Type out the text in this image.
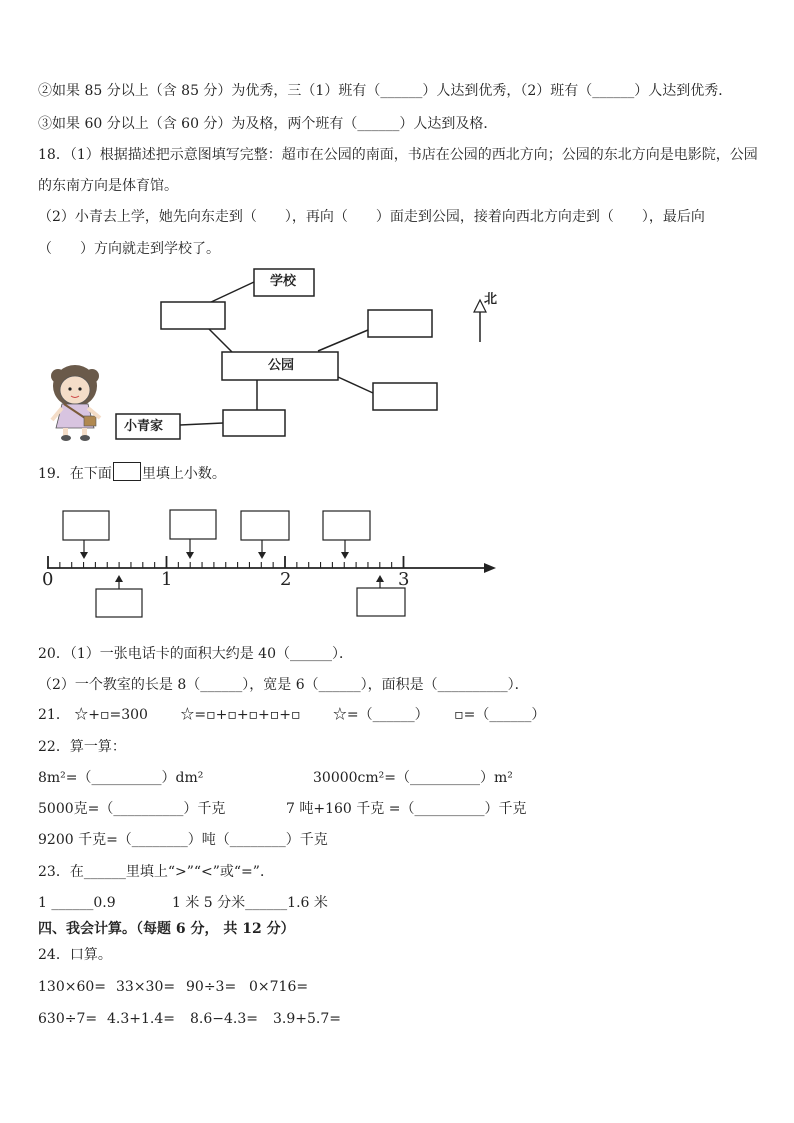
②如果 85 分以上（含 85 分）为优秀，三（1）班有（______）人达到优秀，（2）班有（______）人达到优秀．
③如果 60 分以上（含 60 分）为及格，两个班有（______）人达到及格．
18．（1）根据描述把示意图填写完整：超市在公园的南面，书店在公园的西北方向；公园的东北方向是电影院，公园
的东南方向是体育馆。
（2）小青去上学，她先向东走到（　　），再向（　　）面走到公园，接着向西北方向走到（　　），最后向
（　　）方向就走到学校了。
学校
公园
小青家
北
0	1	2	3
19．在下面 里填上小数。
20．（1）一张电话卡的面积大约是 40（______）．
（2）一个教室的长是 8（______），宽是 6（______），面积是（__________）．
21． ☆+▫=300　　 ☆=▫+▫+▫+▫+▫　　 ☆=（______）　　 ▫=（______）
22．算一算：
8m²=（__________）dm²	30000cm²=（__________）m²
5000克=（__________）千克	7 吨+160 千克 =（__________）千克
9200 千克=（________）吨（________）千克
23．在______里填上“>”“<”或“=”．
1 ______0.9	1 米 5 分米______1.6 米
四、我会计算。（每题 6 分， 共 12 分）
24．口算。
130×60= 33×30= 90÷3= 0×716=
630÷7= 4.3+1.4= 8.6−4.3= 3.9+5.7=
